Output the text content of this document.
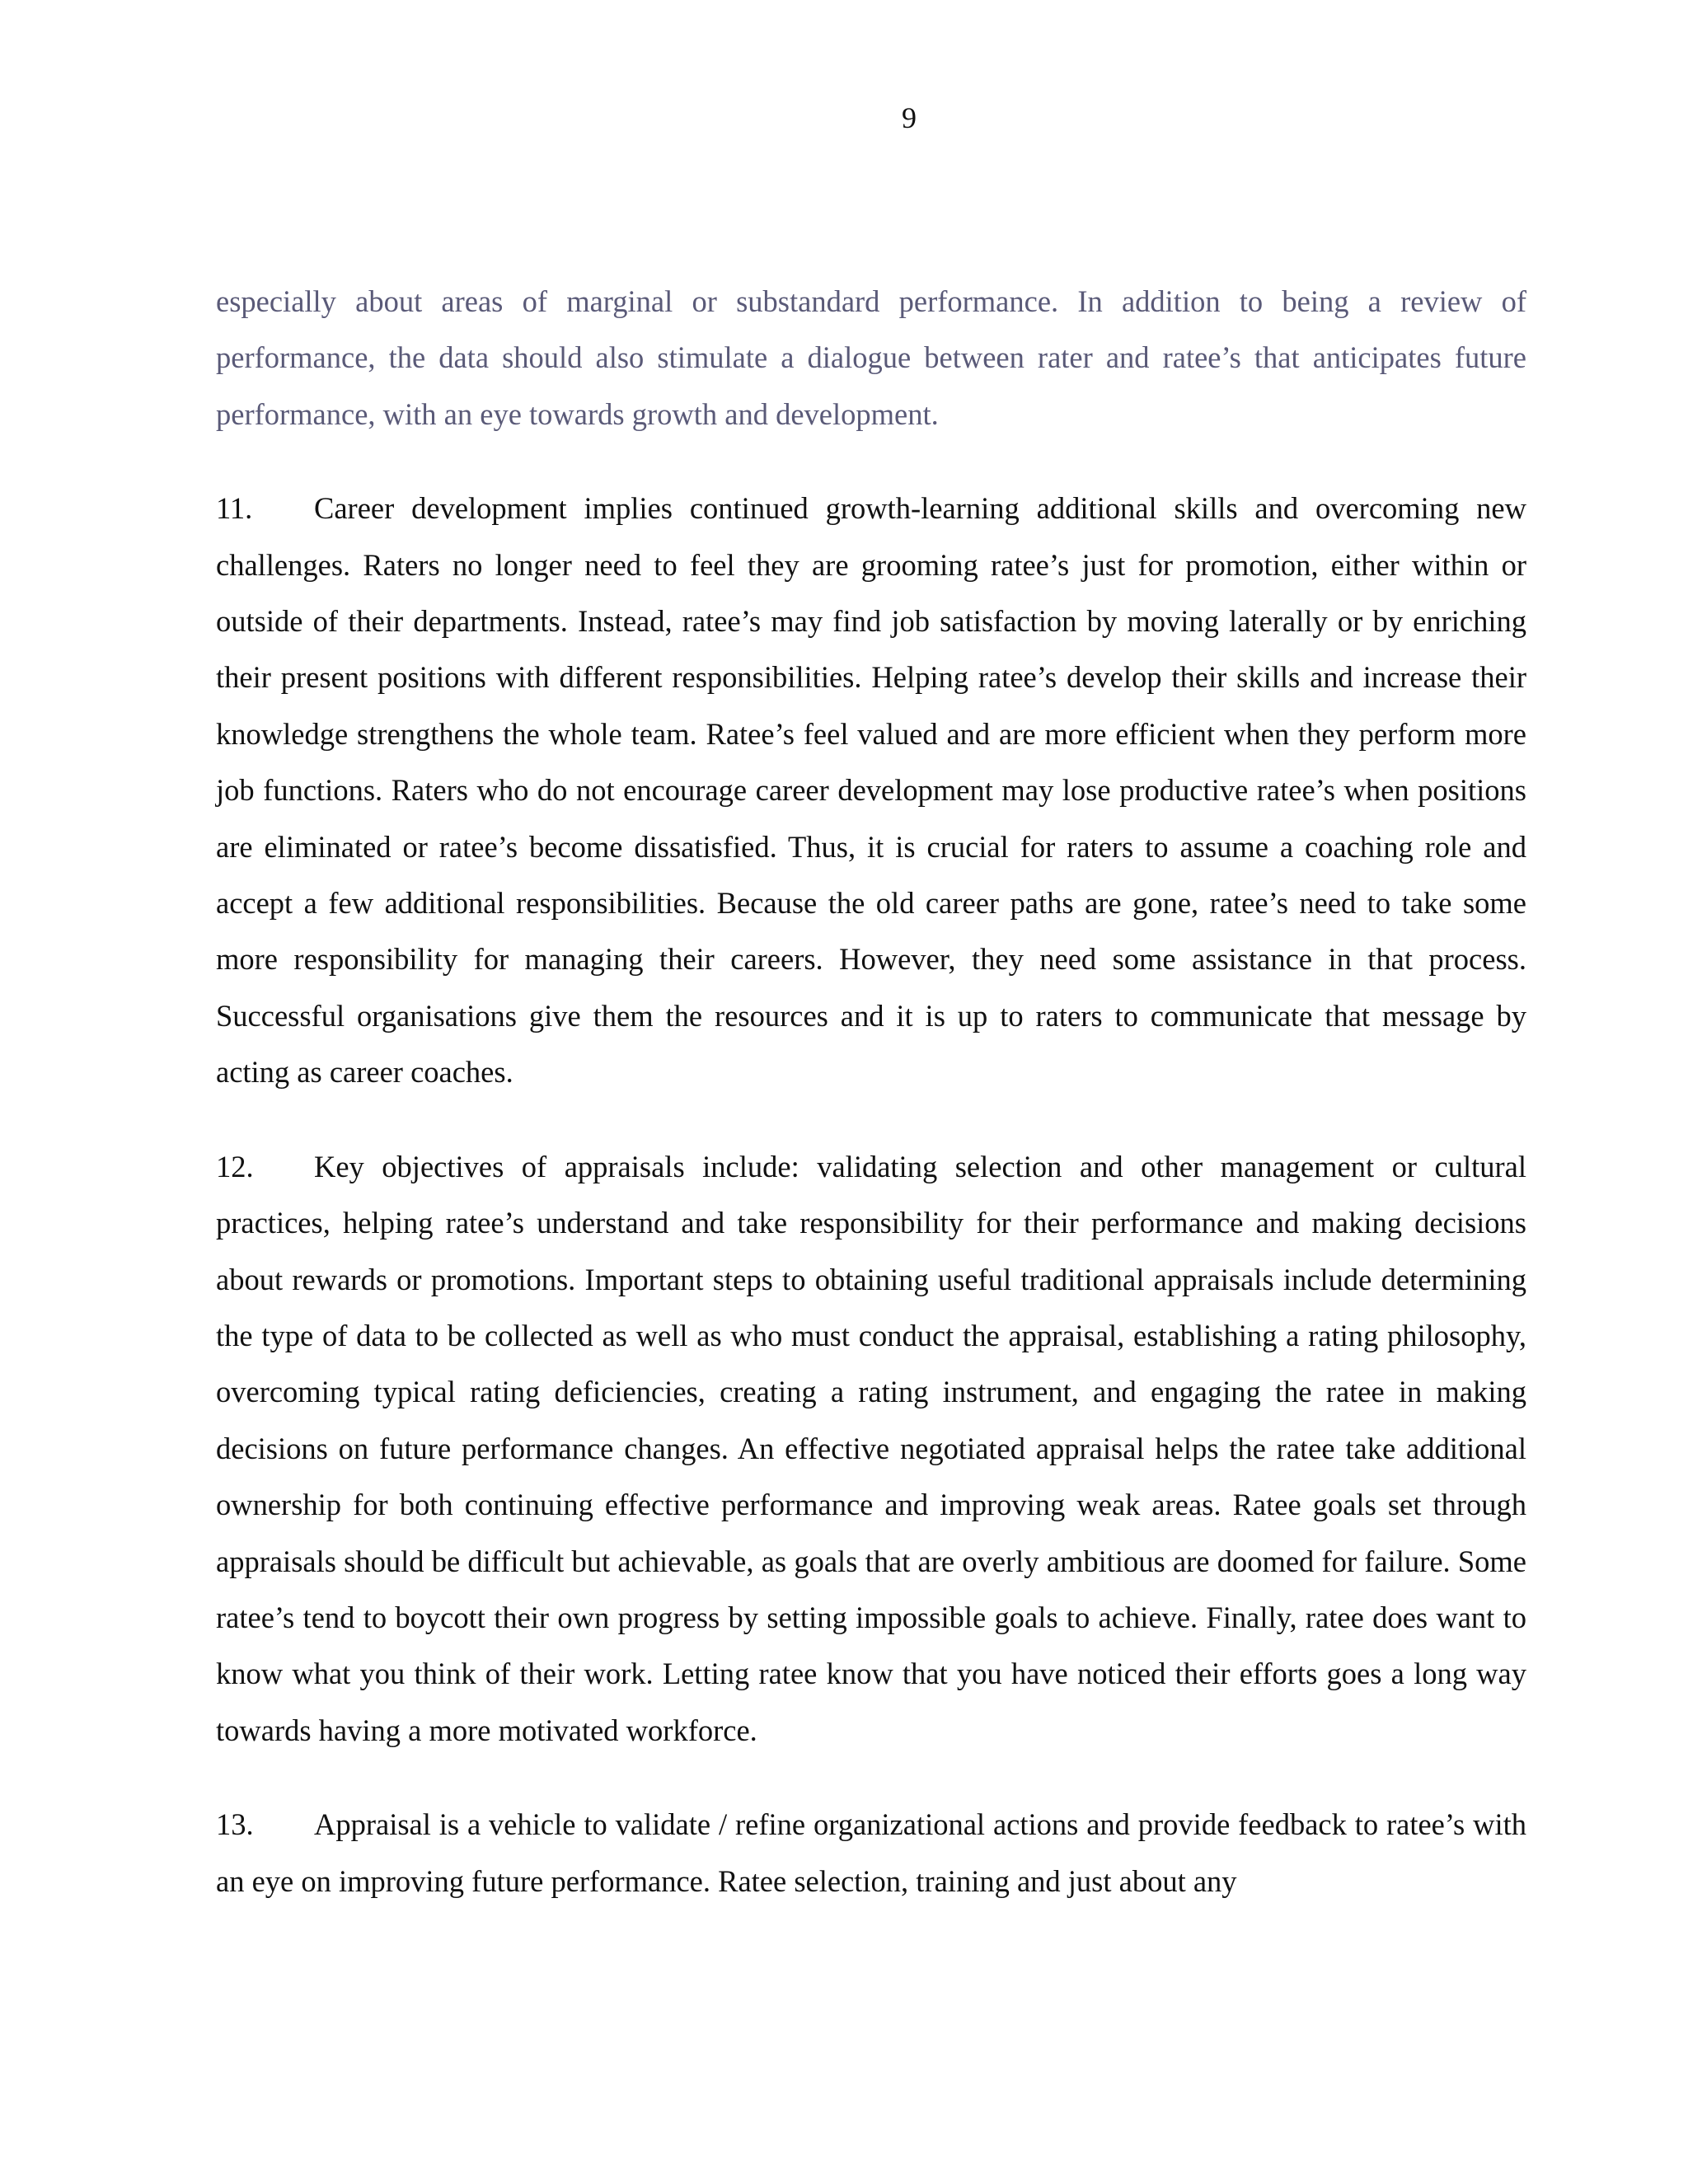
9

especially about areas of marginal or substandard performance. In addition to being a review of performance, the data should also stimulate a dialogue between rater and ratee’s that anticipates future performance, with an eye towards growth and development.

11. Career development implies continued growth-learning additional skills and overcoming new challenges. Raters no longer need to feel they are grooming ratee’s just for promotion, either within or outside of their departments. Instead, ratee’s may find job satisfaction by moving laterally or by enriching their present positions with different responsibilities. Helping ratee’s develop their skills and increase their knowledge strengthens the whole team. Ratee’s feel valued and are more efficient when they perform more job functions. Raters who do not encourage career development may lose productive ratee’s when positions are eliminated or ratee’s become dissatisfied. Thus, it is crucial for raters to assume a coaching role and accept a few additional responsibilities. Because the old career paths are gone, ratee’s need to take some more responsibility for managing their careers. However, they need some assistance in that process. Successful organisations give them the resources and it is up to raters to communicate that message by acting as career coaches.

12. Key objectives of appraisals include: validating selection and other management or cultural practices, helping ratee’s understand and take responsibility for their performance and making decisions about rewards or promotions. Important steps to obtaining useful traditional appraisals include determining the type of data to be collected as well as who must conduct the appraisal, establishing a rating philosophy, overcoming typical rating deficiencies, creating a rating instrument, and engaging the ratee in making decisions on future performance changes. An effective negotiated appraisal helps the ratee take additional ownership for both continuing effective performance and improving weak areas. Ratee goals set through appraisals should be difficult but achievable, as goals that are overly ambitious are doomed for failure. Some ratee’s tend to boycott their own progress by setting impossible goals to achieve. Finally, ratee does want to know what you think of their work. Letting ratee know that you have noticed their efforts goes a long way towards having a more motivated workforce.

13. Appraisal is a vehicle to validate / refine organizational actions and provide feedback to ratee’s with an eye on improving future performance. Ratee selection, training and just about any
